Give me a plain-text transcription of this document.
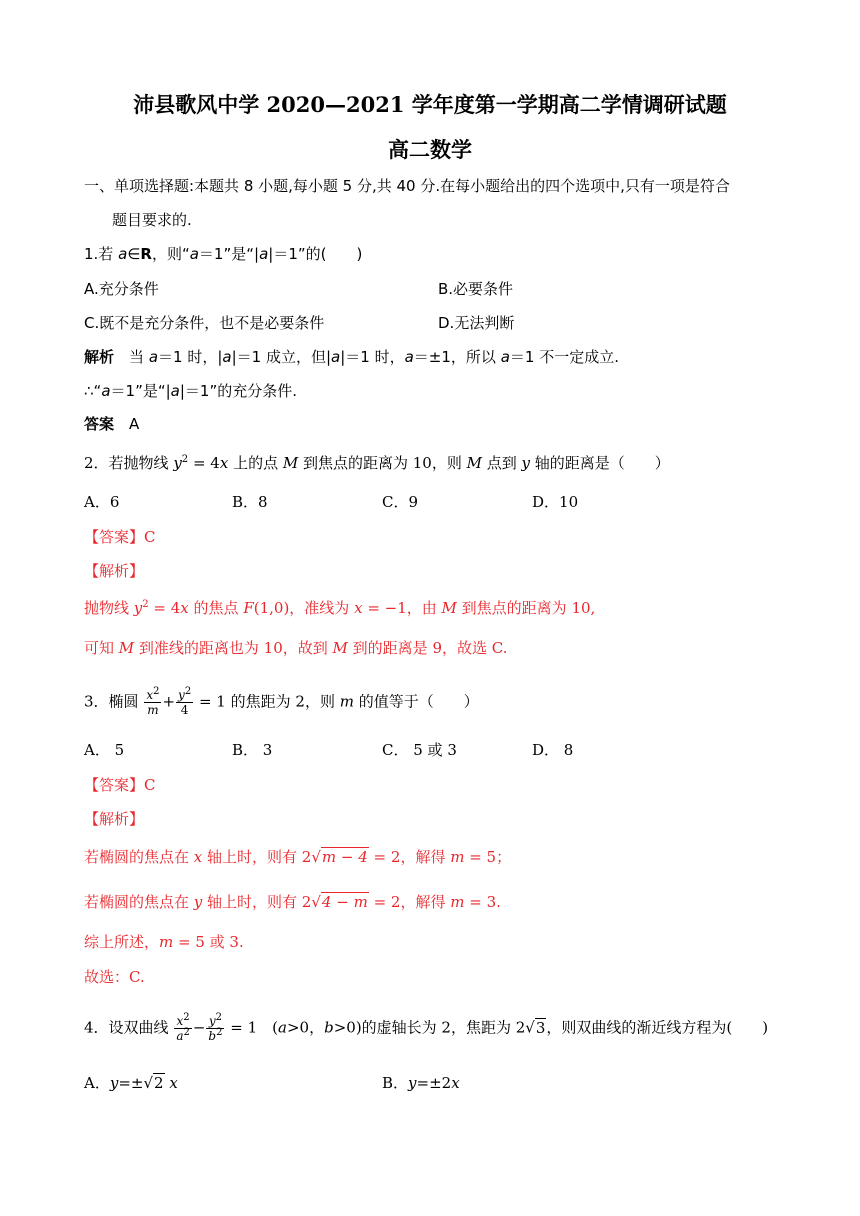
沛县歌风中学 2020—2021 学年度第一学期高二学情调研试题
高二数学
一、单项选择题:本题共 8 小题,每小题 5 分,共 40 分.在每小题给出的四个选项中,只有一项是符合
题目要求的.
1.若 a∈R，则“a＝1”是“|a|＝1”的(　　)
A.充分条件	B.必要条件
C.既不是充分条件，也不是必要条件	D.无法判断
解析　 当 a＝1 时，|a|＝1 成立，但|a|＝1 时，a＝±1，所以 a＝1 不一定成立.
∴“a＝1”是“|a|＝1”的充分条件.
答案　 A
2．若抛物线 $y^2 = 4x$ 上的点 M 到焦点的距离为 10，则 M 点到 y 轴的距离是（　　）
A．6	B．8	C．9	D．10
【答案】C
【解析】
抛物线 $y^2 = 4x$ 的焦点 F(1,0)，准线为 x = −1，由 M 到焦点的距离为 10,
可知 M 到准线的距离也为 10，故到 M 到的距离是 9，故选 C.
3．椭圆 $\frac{x^2}{m} + \frac{y^2}{4} = 1$ 的焦距为 2，则 m 的值等于（　　）
A． 5	B． 3	C． 5 或 3	D． 8
【答案】C
【解析】
若椭圆的焦点在 x 轴上时，则有 2√m − 4 = 2，解得 m = 5；
若椭圆的焦点在 y 轴上时，则有 2√4 − m = 2，解得 m = 3.
综上所述，m = 5 或 3.
故选：C.
4．设双曲线 $\frac{x^2}{a^2} - \frac{y^2}{b^2} = 1$　 (a>0，b>0)的虚轴长为 2，焦距为 2√3，则双曲线的渐近线方程为(　　)
A．y=±√2 x	B．y=±2x
